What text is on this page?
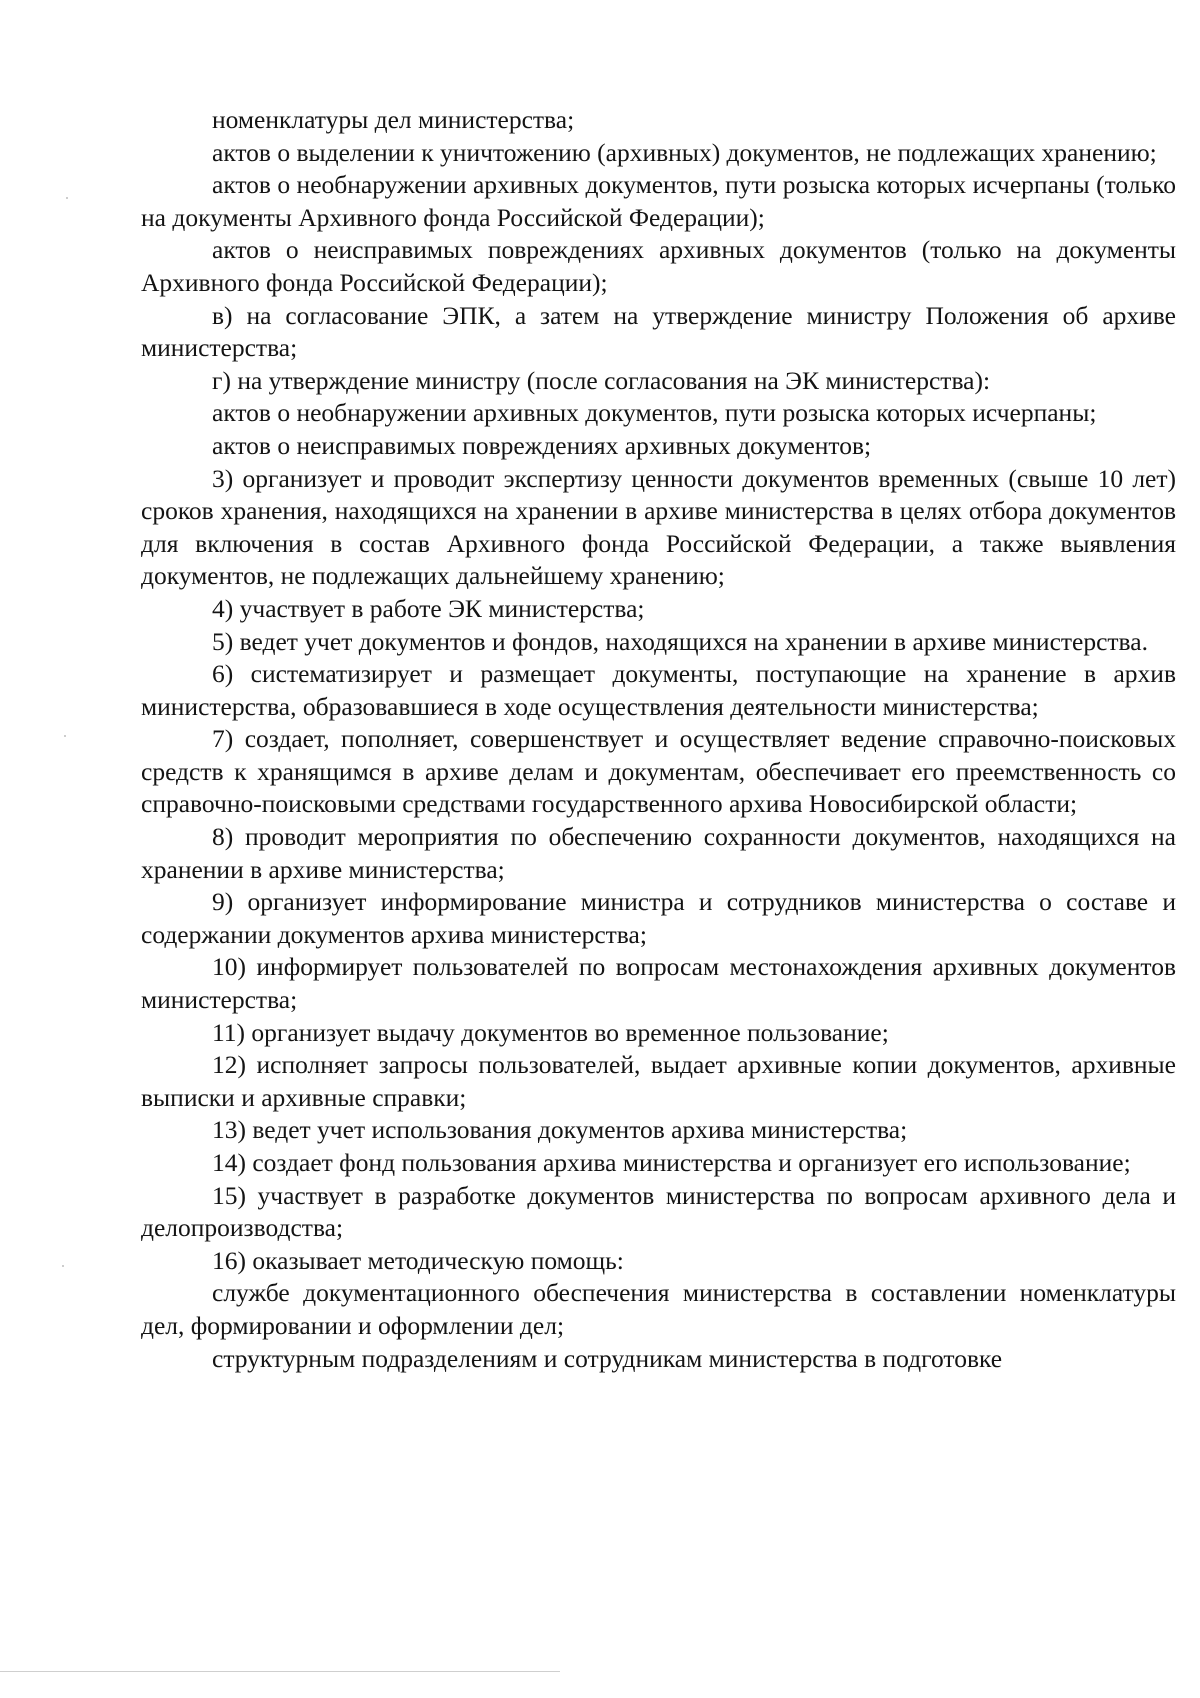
номенклатуры дел министерства;

актов о выделении к уничтожению (архивных) документов, не подлежащих хранению;

актов о необнаружении архивных документов, пути розыска которых исчерпаны (только на документы Архивного фонда Российской Федерации);

актов о неисправимых повреждениях архивных документов (только на документы Архивного фонда Российской Федерации);

в) на согласование ЭПК, а затем на утверждение министру Положения об архиве министерства;

г) на утверждение министру (после согласования на ЭК министерства):

актов о необнаружении архивных документов, пути розыска которых исчерпаны;

актов о неисправимых повреждениях архивных документов;

3) организует и проводит экспертизу ценности документов временных (свыше 10 лет) сроков хранения, находящихся на хранении в архиве министерства в целях отбора документов для включения в состав Архивного фонда Российской Федерации, а также выявления документов, не подлежащих дальнейшему хранению;

4) участвует в работе ЭК министерства;

5) ведет учет документов и фондов, находящихся на хранении в архиве министерства.

6) систематизирует и размещает документы, поступающие на хранение в архив министерства, образовавшиеся в ходе осуществления деятельности министерства;

7) создает, пополняет, совершенствует и осуществляет ведение справочно-поисковых средств к хранящимся в архиве делам и документам, обеспечивает его преемственность со справочно-поисковыми средствами государственного архива Новосибирской области;

8) проводит мероприятия по обеспечению сохранности документов, находящихся на хранении в архиве министерства;

9) организует информирование министра и сотрудников министерства о составе и содержании документов архива министерства;

10) информирует пользователей по вопросам местонахождения архивных документов министерства;

11) организует выдачу документов во временное пользование;

12) исполняет запросы пользователей, выдает архивные копии документов, архивные выписки и архивные справки;

13) ведет учет использования документов архива министерства;

14) создает фонд пользования архива министерства и организует его использование;

15) участвует в разработке документов министерства по вопросам архивного дела и делопроизводства;

16) оказывает методическую помощь:

службе документационного обеспечения министерства в составлении номенклатуры дел, формировании и оформлении дел;

структурным подразделениям и сотрудникам министерства в подготовке
